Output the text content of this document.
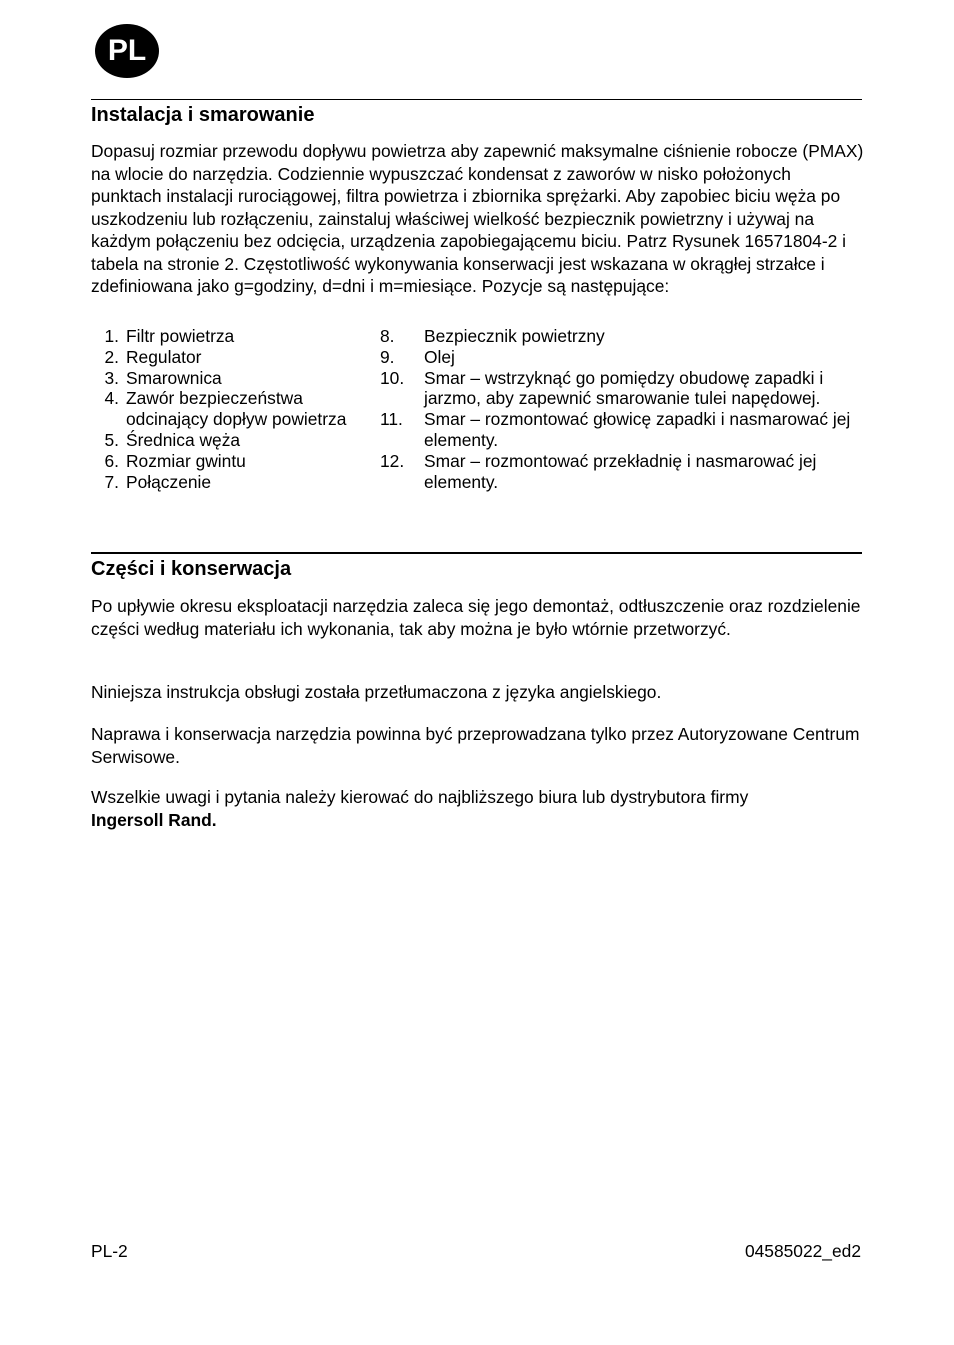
PL
Instalacja i smarowanie

Dopasuj rozmiar przewodu dopływu powietrza aby zapewnić maksymalne ciśnienie robocze (PMAX) na wlocie do narzędzia. Codziennie wypuszczać kondensat z zaworów w nisko położonych punktach instalacji rurociągowej, filtra powietrza i zbiornika sprężarki. Aby zapobiec biciu węża po uszkodzeniu lub rozłączeniu, zainstaluj właściwej wielkość bezpiecznik powietrzny i używaj na każdym połączeniu bez odcięcia, urządzenia zapobiegającemu biciu. Patrz Rysunek 16571804-2 i tabela na stronie 2. Częstotliwość wykonywania konserwacji jest wskazana w okrągłej strzałce i zdefiniowana jako g=godziny, d=dni i m=miesiące. Pozycje są następujące:

1. Filtr powietrza
2. Regulator
3. Smarownica
4. Zawór bezpieczeństwa odcinający dopływ powietrza
5. Średnica węża
6. Rozmiar gwintu
7. Połączenie
8.	Bezpiecznik powietrzny
9.	Olej
10.	Smar – wstrzyknąć go pomiędzy obudowę zapadki i jarzmo, aby zapewnić smarowanie tulei napędowej.
11.	Smar – rozmontować głowicę zapadki i nasmarować jej elementy.
12.	Smar – rozmontować przekładnię i nasmarować jej elementy.
Części i konserwacja

Po upływie okresu eksploatacji narzędzia zaleca się jego demontaż, odtłuszczenie oraz rozdzielenie części według materiału ich wykonania, tak aby można je było wtórnie przetworzyć.

Niniejsza instrukcja obsługi została przetłumaczona z języka angielskiego.

Naprawa i konserwacja narzędzia powinna być przeprowadzana tylko przez Autoryzowane Centrum Serwisowe.

Wszelkie uwagi i pytania należy kierować do najbliższego biura lub dystrybutora firmy
Ingersoll Rand.

PL-2	04585022_ed2
